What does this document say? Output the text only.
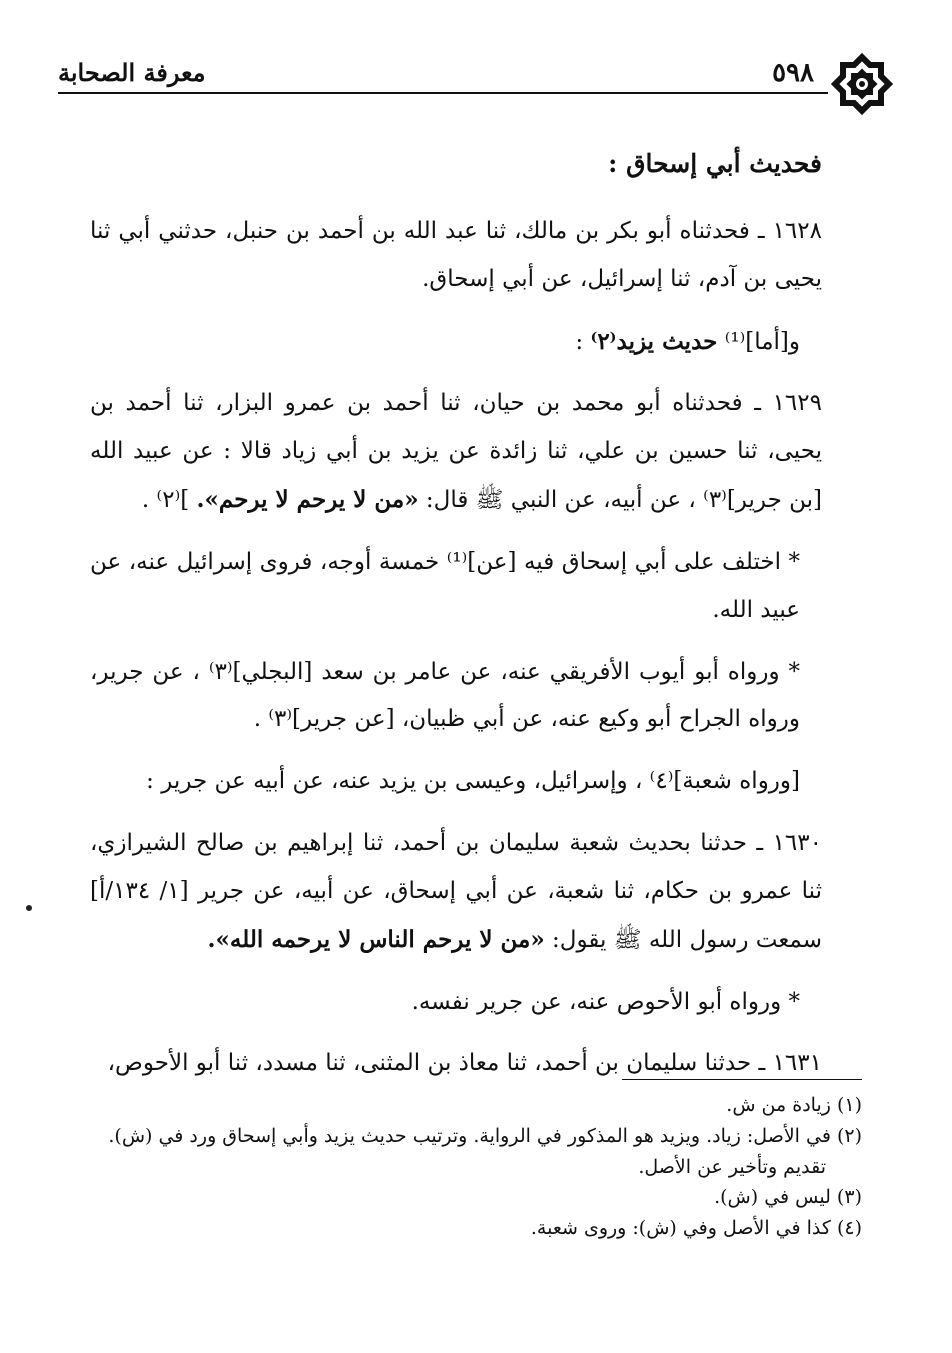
٥٩٨
معرفة الصحابة

فحديث أبي إسحاق :

١٦٢٨ ـ فحدثناه أبو بكر بن مالك، ثنا عبد الله بن أحمد بن حنبل، حدثني أبي ثنا يحيى بن آدم، ثنا إسرائيل، عن أبي إسحاق.

و[أما]⁽¹⁾ حديث يزيد⁽٢⁾ :

١٦٢٩ ـ فحدثناه أبو محمد بن حيان، ثنا أحمد بن عمرو البزار، ثنا أحمد بن يحيى، ثنا حسين بن علي، ثنا زائدة عن يزيد بن أبي زياد قالا : عن عبيد الله [بن جرير]⁽٣⁾ ، عن أبيه، عن النبي ﷺ قال: «من لا يرحم لا يرحم». ]⁽٢⁾ .

* اختلف على أبي إسحاق فيه [عن]⁽¹⁾ خمسة أوجه، فروى إسرائيل عنه، عن عبيد الله.

* ورواه أبو أيوب الأفريقي عنه، عن عامر بن سعد [البجلي]⁽٣⁾ ، عن جرير، ورواه الجراح أبو وكيع عنه، عن أبي ظبيان، [عن جرير]⁽٣⁾ .

[ورواه شعبة]⁽٤⁾ ، وإسرائيل، وعيسى بن يزيد عنه، عن أبيه عن جرير :

١٦٣٠ ـ حدثنا بحديث شعبة سليمان بن أحمد، ثنا إبراهيم بن صالح الشيرازي، ثنا عمرو بن حكام، ثنا شعبة، عن أبي إسحاق، عن أبيه، عن جرير [١/ ١٣٤/أ] سمعت رسول الله ﷺ يقول: «من لا يرحم الناس لا يرحمه الله».

* ورواه أبو الأحوص عنه، عن جرير نفسه.

١٦٣١ ـ حدثنا سليمان بن أحمد، ثنا معاذ بن المثنى، ثنا مسدد، ثنا أبو الأحوص،

(١) زيادة من ش.

(٢) في الأصل: زياد. ويزيد هو المذكور في الرواية. وترتيب حديث يزيد وأبي إسحاق ورد في (ش).

تقديم وتأخير عن الأصل.

(٣) ليس في (ش).

(٤) كذا في الأصل وفي (ش): وروى شعبة.
